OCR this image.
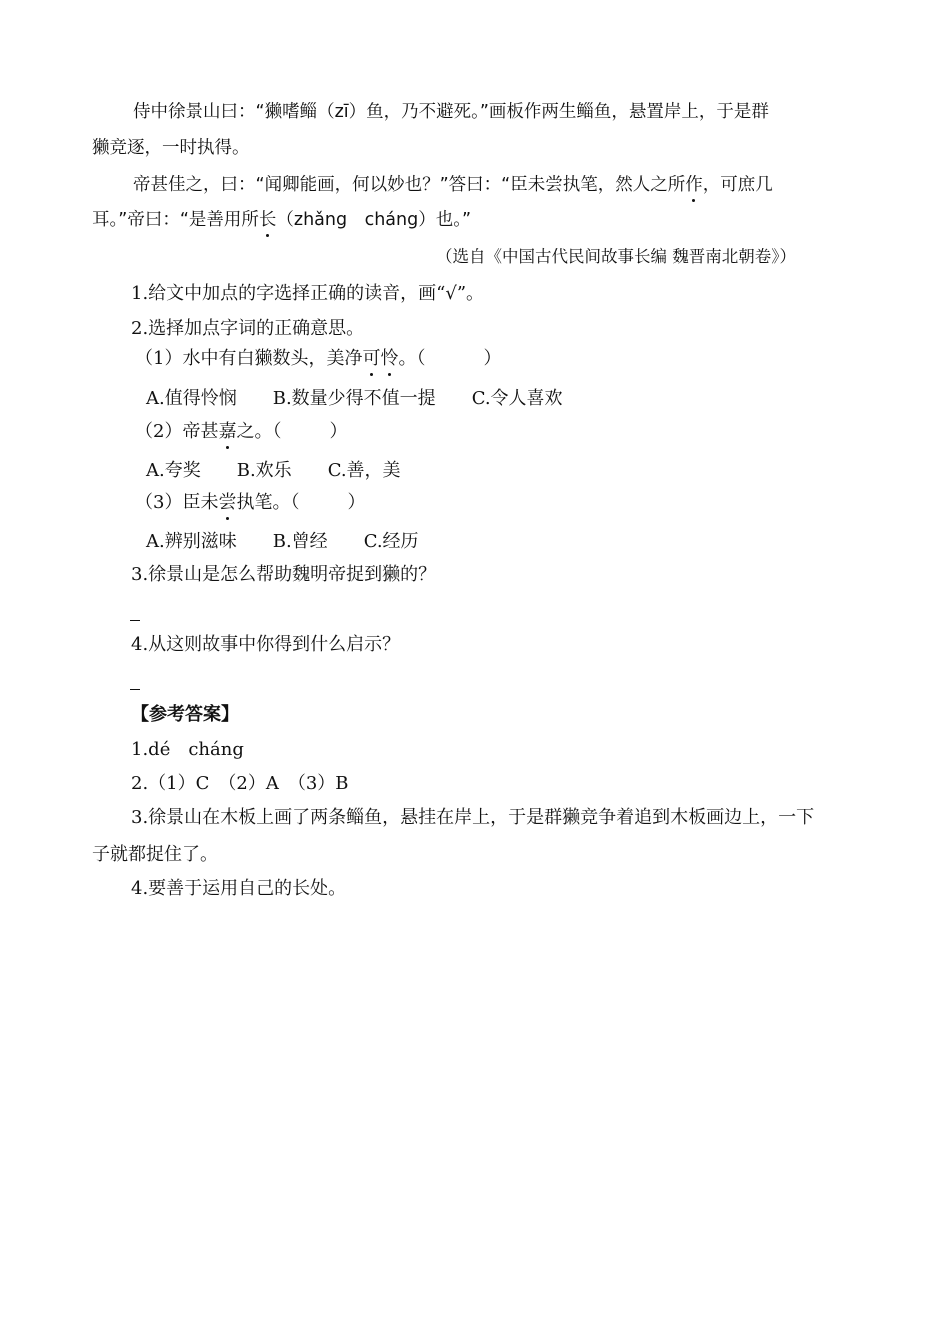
侍中徐景山曰：“獭嗜鲻（zī）鱼，乃不避死。”画板作两生鲻鱼，悬置岸上，于是群
獭竞逐，一时执得。
帝甚佳之，曰：“闻卿能画，何以妙也？”答曰：“臣未尝执笔，然人之所作，可庶几
耳。”帝曰：“是善用所长（zhǎng　cháng）也。”
（选自《中国古代民间故事长编 魏晋南北朝卷》）
1.给文中加点的字选择正确的读音，画“√”。
2.选择加点字词的正确意思。
（1）水中有白獭数头，美净可怜。（	）
A.值得怜悯 B.数量少得不值一提 C.令人喜欢
（2）帝甚嘉之。（	）
A.夸奖 B.欢乐 C.善，美
（3）臣未尝执笔。（	）
A.辨别滋味 B.曾经 C.经历
3.徐景山是怎么帮助魏明帝捉到獭的？
4.从这则故事中你得到什么启示？
【参考答案】
1.dé　cháng
2.（1）C　（2）A　（3）B
3.徐景山在木板上画了两条鲻鱼，悬挂在岸上，于是群獭竞争着追到木板画边上，一下
子就都捉住了。
4.要善于运用自己的长处。
